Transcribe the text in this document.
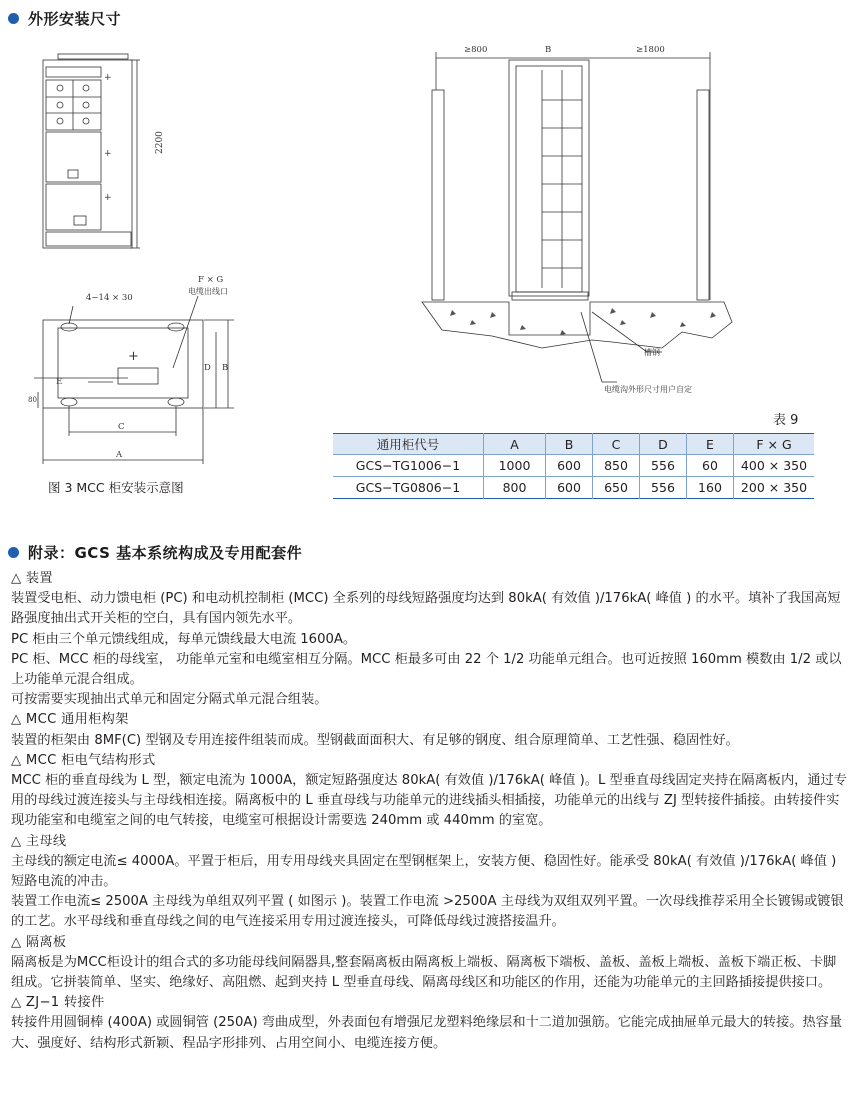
外形安装尺寸
+
+
+
2200
4−14 × 30
F × G
电缆出线口
D B
E
80
C
A
+
图 3 MCC 柜安装示意图
≥800	B	≥1800
槽钢
电缆沟外形尺寸用户自定
表 9
通用柜代号	A	B	C	D	E	F × G
GCS−TG1006−1	1000	600	850	556	60	400 × 350
GCS−TG0806−1	800	600	650	556	160	200 × 350
附录：GCS 基本系统构成及专用配套件

△ 装置

装置受电柜、动力馈电柜 (PC) 和电动机控制柜 (MCC) 全系列的母线短路强度均达到 80kA( 有效值 )/176kA( 峰值 ) 的水平。填补了我国高短路强度抽出式开关柜的空白，具有国内领先水平。

PC 柜由三个单元馈线组成，每单元馈线最大电流 1600A。

PC 柜、MCC 柜的母线室， 功能单元室和电缆室相互分隔。MCC 柜最多可由 22 个 1/2 功能单元组合。也可近按照 160mm 模数由 1/2 或以上功能单元混合组成。

可按需要实现抽出式单元和固定分隔式单元混合组装。

△ MCC 通用柜构架

装置的柜架由 8MF(C) 型钢及专用连接件组装而成。型钢截面面积大、有足够的钢度、组合原理简单、工艺性强、稳固性好。

△ MCC 柜电气结构形式

MCC 柜的垂直母线为 L 型，额定电流为 1000A，额定短路强度达 80kA( 有效值 )/176kA( 峰值 )。L 型垂直母线固定夹持在隔离板内，通过专用的母线过渡连接头与主母线相连接。隔离板中的 L 垂直母线与功能单元的进线插头相插接，功能单元的出线与 ZJ 型转接件插接。由转接件实现功能室和电缆室之间的电气转接，电缆室可根据设计需要选 240mm 或 440mm 的室宽。

△ 主母线

主母线的额定电流≤ 4000A。平置于柜后，用专用母线夹具固定在型钢框架上，安装方便、稳固性好。能承受 80kA( 有效值 )/176kA( 峰值 ) 短路电流的冲击。

装置工作电流≤ 2500A 主母线为单组双列平置 ( 如图示 )。装置工作电流 >2500A 主母线为双组双列平置。一次母线推荐采用全长镀锡或镀银的工艺。水平母线和垂直母线之间的电气连接采用专用过渡连接头，可降低母线过渡搭接温升。

△ 隔离板

隔离板是为MCC柜设计的组合式的多功能母线间隔器具,整套隔离板由隔离板上端板、隔离板下端板、盖板、盖板上端板、盖板下端正板、卡脚组成。它拼装简单、坚实、绝缘好、高阻燃、起到夹持 L 型垂直母线、隔离母线区和功能区的作用，还能为功能单元的主回路插接提供接口。

△ ZJ−1 转接件

转接件用圆铜棒 (400A) 或圆铜管 (250A) 弯曲成型，外表面包有增强尼龙塑料绝缘层和十二道加强筋。它能完成抽屉单元最大的转接。热容量大、强度好、结构形式新颖、程品字形排列、占用空间小、电缆连接方便。
